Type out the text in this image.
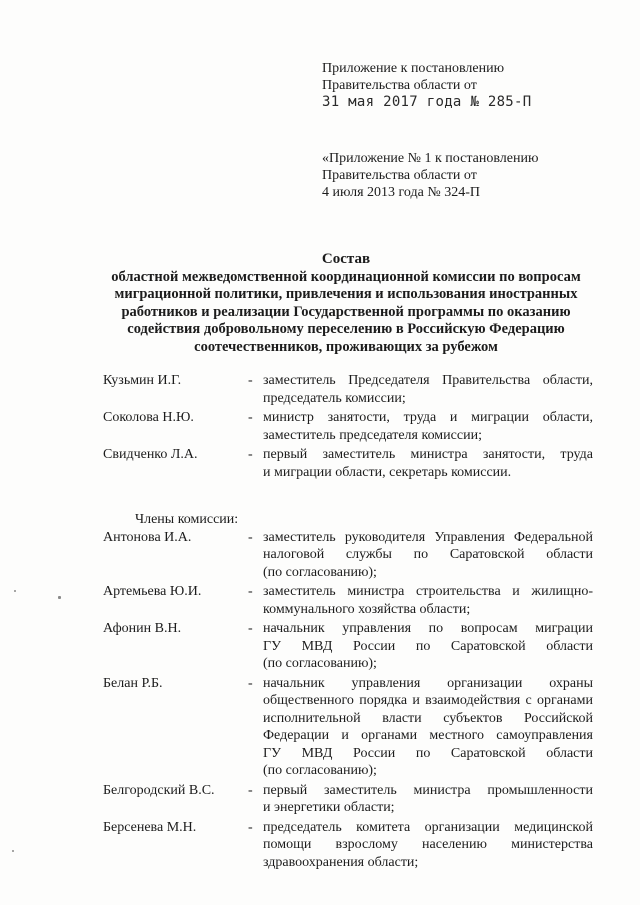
Приложение к постановлению
Правительства области от
31 мая 2017 года № 285-П
«Приложение № 1 к постановлению
Правительства области от
4 июля 2013 года № 324-П
Состав
областной межведомственной координационной комиссии по вопросам
миграционной политики, привлечения и использования иностранных
работников и реализации Государственной программы по оказанию
содействия добровольному переселению в Российскую Федерацию
соотечественников, проживающих за рубежом
Кузьмин И.Г.	- заместитель Председателя Правительства области,
председатель комиссии;
Соколова Н.Ю.	- министр занятости, труда и миграции области,
заместитель председателя комиссии;
Свидченко Л.А.	- первый заместитель министра занятости, труда
и миграции области, секретарь комиссии.
Члены комиссии:
Антонова И.А.	- заместитель руководителя Управления Федеральной
налоговой службы по Саратовской области
(по согласованию);
Артемьева Ю.И.	- заместитель министра строительства и жилищно-
коммунального хозяйства области;
Афонин В.Н.	- начальник управления по вопросам миграции
ГУ МВД России по Саратовской области
(по согласованию);
Белан Р.Б.	- начальник управления организации охраны
общественного порядка и взаимодействия с органами
исполнительной власти субъектов Российской
Федерации и органами местного самоуправления
ГУ МВД России по Саратовской области
(по согласованию);
Белгородский В.С.	- первый заместитель министра промышленности
и энергетики области;
Берсенева М.Н.	- председатель комитета организации медицинской
помощи взрослому населению министерства
здравоохранения области;
